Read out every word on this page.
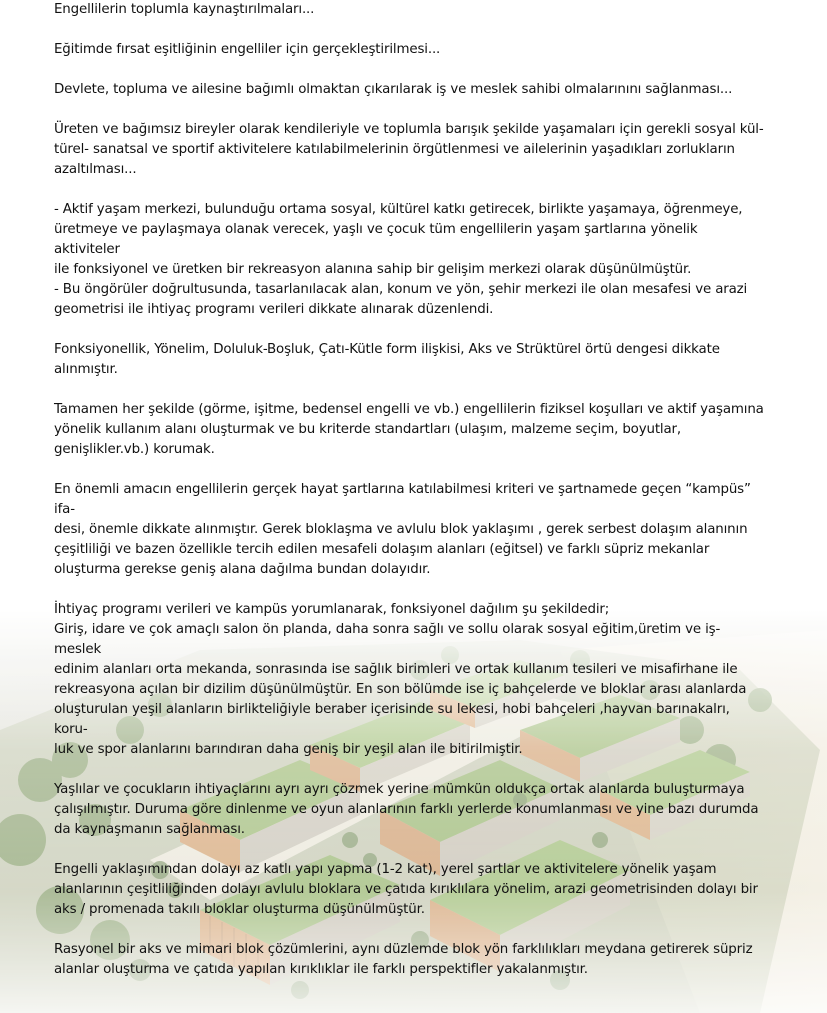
Engellilerin toplumla kaynaştırılmaları...

Eğitimde fırsat eşitliğinin engelliler için gerçekleştirilmesi...

Devlete, topluma ve ailesine bağımlı olmaktan çıkarılarak iş ve meslek sahibi olmalarınını sağlanması...

Üreten ve bağımsız bireyler olarak kendileriyle ve toplumla barışık şekilde yaşamaları için gerekli sosyal kül-
türel- sanatsal ve sportif aktivitelere katılabilmelerinin örgütlenmesi ve ailelerinin yaşadıkları zorlukların
azaltılması...

- Aktif yaşam merkezi, bulunduğu ortama sosyal, kültürel katkı getirecek, birlikte yaşamaya, öğrenmeye,
üretmeye ve paylaşmaya olanak verecek, yaşlı ve çocuk tüm engellilerin yaşam şartlarına yönelik aktiviteler
ile fonksiyonel ve üretken bir rekreasyon alanına sahip bir gelişim merkezi olarak düşünülmüştür.
- Bu öngörüler doğrultusunda, tasarlanılacak alan, konum ve yön, şehir merkezi ile olan mesafesi ve arazi
geometrisi ile ihtiyaç programı verileri dikkate alınarak düzenlendi.

Fonksiyonellik, Yönelim, Doluluk-Boşluk, Çatı-Kütle form ilişkisi, Aks ve Strüktürel örtü dengesi dikkate
alınmıştır.

Tamamen her şekilde (görme, işitme, bedensel engelli ve vb.) engellilerin fiziksel koşulları ve aktif yaşamına
yönelik kullanım alanı oluşturmak ve bu kriterde standartları (ulaşım, malzeme seçim, boyutlar,
genişlikler.vb.) korumak.

En önemli amacın engellilerin gerçek hayat şartlarına katılabilmesi kriteri ve şartnamede geçen “kampüs” ifa-
desi, önemle dikkate alınmıştır. Gerek bloklaşma ve avlulu blok yaklaşımı , gerek serbest dolaşım alanının
çeşitliliği ve bazen özellikle tercih edilen mesafeli dolaşım alanları (eğitsel) ve farklı süpriz mekanlar
oluşturma gerekse geniş alana dağılma bundan dolayıdır.

İhtiyaç programı verileri ve kampüs yorumlanarak, fonksiyonel dağılım şu şekildedir;
Giriş, idare ve çok amaçlı salon ön planda, daha sonra sağlı ve sollu olarak sosyal eğitim,üretim ve iş-meslek
edinim alanları orta mekanda, sonrasında ise sağlık birimleri ve ortak kullanım tesileri ve misafirhane ile
rekreasyona açılan bir dizilim düşünülmüştür. En son bölümde ise iç bahçelerde ve bloklar arası alanlarda
oluşturulan yeşil alanların birlikteliğiyle beraber içerisinde su lekesi, hobi bahçeleri ,hayvan barınakalrı, koru-
luk ve spor alanlarını barındıran daha geniş bir yeşil alan ile bitirilmiştir.

Yaşlılar ve çocukların ihtiyaçlarını ayrı ayrı çözmek yerine mümkün oldukça ortak alanlarda buluşturmaya
çalışılmıştır. Duruma göre dinlenme ve oyun alanlarının farklı yerlerde konumlanması ve yine bazı durumda
da kaynaşmanın sağlanması.

Engelli yaklaşımından dolayı az katlı yapı yapma (1-2 kat), yerel şartlar ve aktivitelere yönelik yaşam
alanlarının çeşitliliğinden dolayı avlulu bloklara ve çatıda kırıklılara yönelim, arazi geometrisinden dolayı bir
aks / promenada takılı bloklar oluşturma düşünülmüştür.

Rasyonel bir aks ve mimari blok çözümlerini, aynı düzlemde blok yön farklılıkları meydana getirerek süpriz
alanlar oluşturma ve çatıda yapılan kırıklıklar ile farklı perspektifler yakalanmıştır.
